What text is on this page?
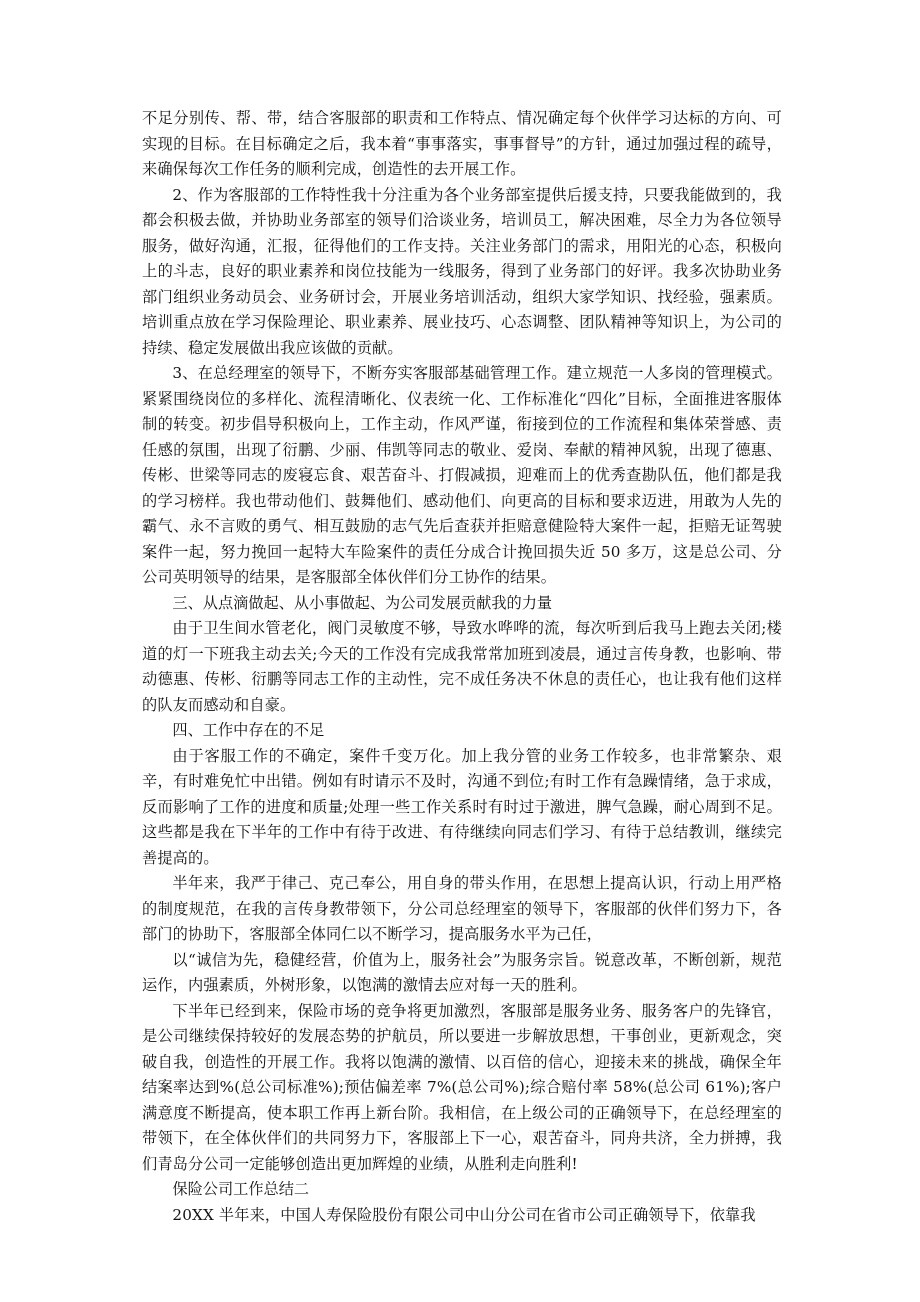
不足分别传、帮、带，结合客服部的职责和工作特点、情况确定每个伙伴学习达标的方向、可实现的目标。在目标确定之后，我本着“事事落实，事事督导”的方针，通过加强过程的疏导，来确保每次工作任务的顺利完成，创造性的去开展工作。

2、作为客服部的工作特性我十分注重为各个业务部室提供后援支持，只要我能做到的，我都会积极去做，并协助业务部室的领导们洽谈业务，培训员工，解决困难，尽全力为各位领导服务，做好沟通，汇报，征得他们的工作支持。关注业务部门的需求，用阳光的心态，积极向上的斗志，良好的职业素养和岗位技能为一线服务，得到了业务部门的好评。我多次协助业务部门组织业务动员会、业务研讨会，开展业务培训活动，组织大家学知识、找经验，强素质。培训重点放在学习保险理论、职业素养、展业技巧、心态调整、团队精神等知识上，为公司的持续、稳定发展做出我应该做的贡献。

3、在总经理室的领导下，不断夯实客服部基础管理工作。建立规范一人多岗的管理模式。紧紧围绕岗位的多样化、流程清晰化、仪表统一化、工作标准化“四化”目标，全面推进客服体制的转变。初步倡导积极向上，工作主动，作风严谨，衔接到位的工作流程和集体荣誉感、责任感的氛围，出现了衍鹏、少丽、伟凯等同志的敬业、爱岗、奉献的精神风貌，出现了德惠、传彬、世梁等同志的废寝忘食、艰苦奋斗、打假减损，迎难而上的优秀查勘队伍，他们都是我的学习榜样。我也带动他们、鼓舞他们、感动他们、向更高的目标和要求迈进，用敢为人先的霸气、永不言败的勇气、相互鼓励的志气先后查获并拒赔意健险特大案件一起，拒赔无证驾驶案件一起，努力挽回一起特大车险案件的责任分成合计挽回损失近 50 多万，这是总公司、分公司英明领导的结果，是客服部全体伙伴们分工协作的结果。

三、从点滴做起、从小事做起、为公司发展贡献我的力量

由于卫生间水管老化，阀门灵敏度不够，导致水哗哗的流，每次听到后我马上跑去关闭;楼道的灯一下班我主动去关;今天的工作没有完成我常常加班到凌晨，通过言传身教，也影响、带动德惠、传彬、衍鹏等同志工作的主动性，完不成任务决不休息的责任心，也让我有他们这样的队友而感动和自豪。

四、工作中存在的不足

由于客服工作的不确定，案件千变万化。加上我分管的业务工作较多，也非常繁杂、艰辛，有时难免忙中出错。例如有时请示不及时，沟通不到位;有时工作有急躁情绪，急于求成，反而影响了工作的进度和质量;处理一些工作关系时有时过于激进，脾气急躁，耐心周到不足。这些都是我在下半年的工作中有待于改进、有待继续向同志们学习、有待于总结教训，继续完善提高的。

半年来，我严于律己、克己奉公，用自身的带头作用，在思想上提高认识，行动上用严格的制度规范，在我的言传身教带领下，分公司总经理室的领导下，客服部的伙伴们努力下，各部门的协助下，客服部全体同仁以不断学习，提高服务水平为己任，

以“诚信为先，稳健经营，价值为上，服务社会”为服务宗旨。锐意改革，不断创新，规范运作，内强素质，外树形象，以饱满的激情去应对每一天的胜利。

下半年已经到来，保险市场的竞争将更加激烈，客服部是服务业务、服务客户的先锋官，是公司继续保持较好的发展态势的护航员，所以要进一步解放思想，干事创业，更新观念，突破自我，创造性的开展工作。我将以饱满的激情、以百倍的信心，迎接未来的挑战，确保全年结案率达到%(总公司标准%);预估偏差率 7%(总公司%);综合赔付率 58%(总公司 61%);客户满意度不断提高，使本职工作再上新台阶。我相信，在上级公司的正确领导下，在总经理室的带领下，在全体伙伴们的共同努力下，客服部上下一心，艰苦奋斗，同舟共济，全力拼搏，我们青岛分公司一定能够创造出更加辉煌的业绩，从胜利走向胜利!

保险公司工作总结二

20XX 半年来，中国人寿保险股份有限公司中山分公司在省市公司正确领导下，依靠我
